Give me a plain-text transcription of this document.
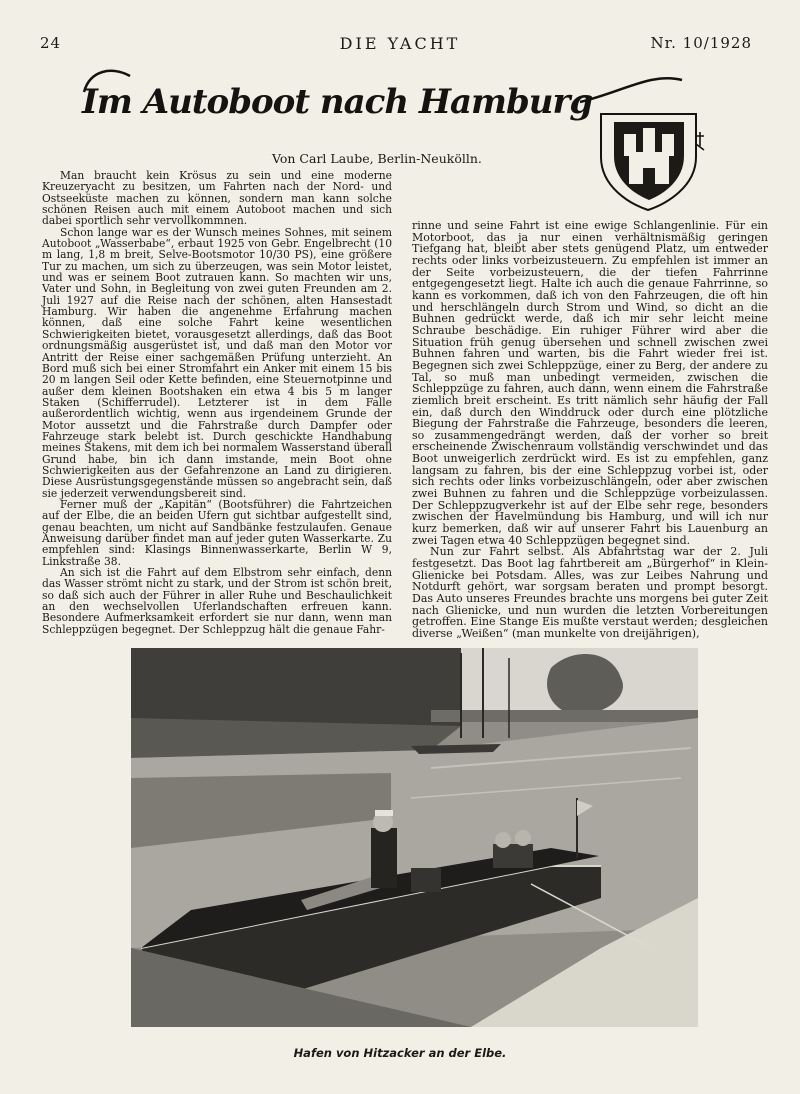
24	DIE YACHT	Nr. 10/1928
Im Autoboot nach Hamburg
Von Carl Laube, Berlin-Neukölln.

Man braucht kein Krösus zu sein und eine moderne Kreuzeryacht zu besitzen, um Fahrten nach der Nord- und Ostseeküste machen zu können, sondern man kann solche schönen Reisen auch mit einem Autoboot machen und sich dabei sportlich sehr vervollkommnen.

Schon lange war es der Wunsch meines Sohnes, mit seinem Autoboot „Wasserbabe“, erbaut 1925 von Gebr. Engelbrecht (10 m lang, 1,8 m breit, Selve-Bootsmotor 10/30 PS), eine größere Tur zu machen, um sich zu überzeugen, was sein Motor leistet, und was er seinem Boot zutrauen kann. So machten wir uns, Vater und Sohn, in Begleitung von zwei guten Freunden am 2. Juli 1927 auf die Reise nach der schönen, alten Hansestadt Hamburg. Wir haben die angenehme Erfahrung machen können, daß eine solche Fahrt keine wesentlichen Schwierigkeiten bietet, vorausgesetzt allerdings, daß das Boot ordnungsmäßig ausgerüstet ist, und daß man den Motor vor Antritt der Reise einer sachgemäßen Prüfung unterzieht. An Bord muß sich bei einer Stromfahrt ein Anker mit einem 15 bis 20 m langen Seil oder Kette befinden, eine Steuernotpinne und außer dem kleinen Bootshaken ein etwa 4 bis 5 m langer Staken (Schifferrudel). Letzterer ist in dem Falle außerordentlich wichtig, wenn aus irgendeinem Grunde der Motor aussetzt und die Fahrstraße durch Dampfer oder Fahrzeuge stark belebt ist. Durch geschickte Handhabung meines Stakens, mit dem ich bei normalem Wasserstand überall Grund habe, bin ich dann imstande, mein Boot ohne Schwierigkeiten aus der Gefahrenzone an Land zu dirigieren. Diese Ausrüstungsgegenstände müssen so angebracht sein, daß sie jederzeit verwendungsbereit sind.

Ferner muß der „Kapitän“ (Bootsführer) die Fahrtzeichen auf der Elbe, die an beiden Ufern gut sichtbar aufgestellt sind, genau beachten, um nicht auf Sandbänke festzulaufen. Genaue Anweisung darüber findet man auf jeder guten Wasserkarte. Zu empfehlen sind: Klasings Binnenwasserkarte, Berlin W 9, Linkstraße 38.

An sich ist die Fahrt auf dem Elbstrom sehr einfach, denn das Wasser strömt nicht zu stark, und der Strom ist schön breit, so daß sich auch der Führer in aller Ruhe und Beschaulichkeit an den wechselvollen Uferlandschaften erfreuen kann. Besondere Aufmerksamkeit erfordert sie nur dann, wenn man Schleppzügen begegnet. Der Schleppzug hält die genaue Fahr-

rinne und seine Fahrt ist eine ewige Schlangenlinie. Für ein Motorboot, das ja nur einen verhältnismäßig geringen Tiefgang hat, bleibt aber stets genügend Platz, um entweder rechts oder links vorbeizusteuern. Zu empfehlen ist immer an der Seite vorbeizusteuern, die der tiefen Fahrrinne entgegengesetzt liegt. Halte ich auch die genaue Fahrrinne, so kann es vorkommen, daß ich von den Fahrzeugen, die oft hin und herschlängeln durch Strom und Wind, so dicht an die Buhnen gedrückt werde, daß ich mir sehr leicht meine Schraube beschädige. Ein ruhiger Führer wird aber die Situation früh genug übersehen und schnell zwischen zwei Buhnen fahren und warten, bis die Fahrt wieder frei ist. Begegnen sich zwei Schleppzüge, einer zu Berg, der andere zu Tal, so muß man unbedingt vermeiden, zwischen die Schleppzüge zu fahren, auch dann, wenn einem die Fahrstraße ziemlich breit erscheint. Es tritt nämlich sehr häufig der Fall ein, daß durch den Winddruck oder durch eine plötzliche Biegung der Fahrstraße die Fahrzeuge, besonders die leeren, so zusammengedrängt werden, daß der vorher so breit erscheinende Zwischenraum vollständig verschwindet und das Boot unweigerlich zerdrückt wird. Es ist zu empfehlen, ganz langsam zu fahren, bis der eine Schleppzug vorbei ist, oder sich rechts oder links vorbeizuschlängeln, oder aber zwischen zwei Buhnen zu fahren und die Schleppzüge vorbeizulassen. Der Schleppzugverkehr ist auf der Elbe sehr rege, besonders zwischen der Havelmündung bis Hamburg, und will ich nur kurz bemerken, daß wir auf unserer Fahrt bis Lauenburg an zwei Tagen etwa 40 Schleppzügen begegnet sind.

Nun zur Fahrt selbst. Als Abfahrtstag war der 2. Juli festgesetzt. Das Boot lag fahrtbereit am „Bürgerhof“ in Klein-Glienicke bei Potsdam. Alles, was zur Leibes Nahrung und Notdurft gehört, war sorgsam beraten und prompt besorgt. Das Auto unseres Freundes brachte uns morgens bei guter Zeit nach Glienicke, und nun wurden die letzten Vorbereitungen getroffen. Eine Stange Eis mußte verstaut werden; desgleichen diverse „Weißen“ (man munkelte von dreijährigen),

Hafen von Hitzacker an der Elbe.
